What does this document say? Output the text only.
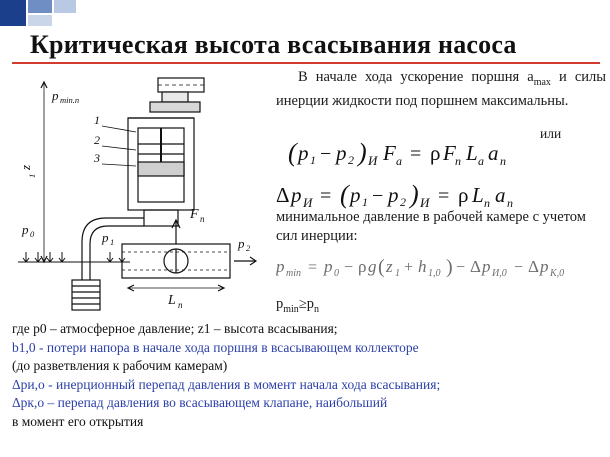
Критическая высота всасывания насоса
p min.n
z
1
1
2
3
p 0	p 1	p 2
F n
L n
В начале хода ускорение поршня $a_{max}$ и силы инерции жидкости под поршнем максимальны.
или
( p 1 − p 2 ) И F a = ρ F n L a a n
Δ p И = ( p 1 − p 2 ) И = ρ L n a n
минимальное давление в рабочей камере с учетом сил инерции:
p min = p 0 − ρ g ( z 1 + h 1,0 ) − Δ p И,0 − Δ p К,0
$p_{min}\ge p_n$
где p0 – атмосферное давление; z1 – высота всасывания;
b1,0 - потери напора в начале хода поршня в всасывающем коллекторе
(до разветвления к рабочим камерам)
Δpи,о - инерционный перепад давления в момент начала хода всасывания;
Δpк,о – перепад давления во всасывающем клапане, наибольший
в момент его открытия
